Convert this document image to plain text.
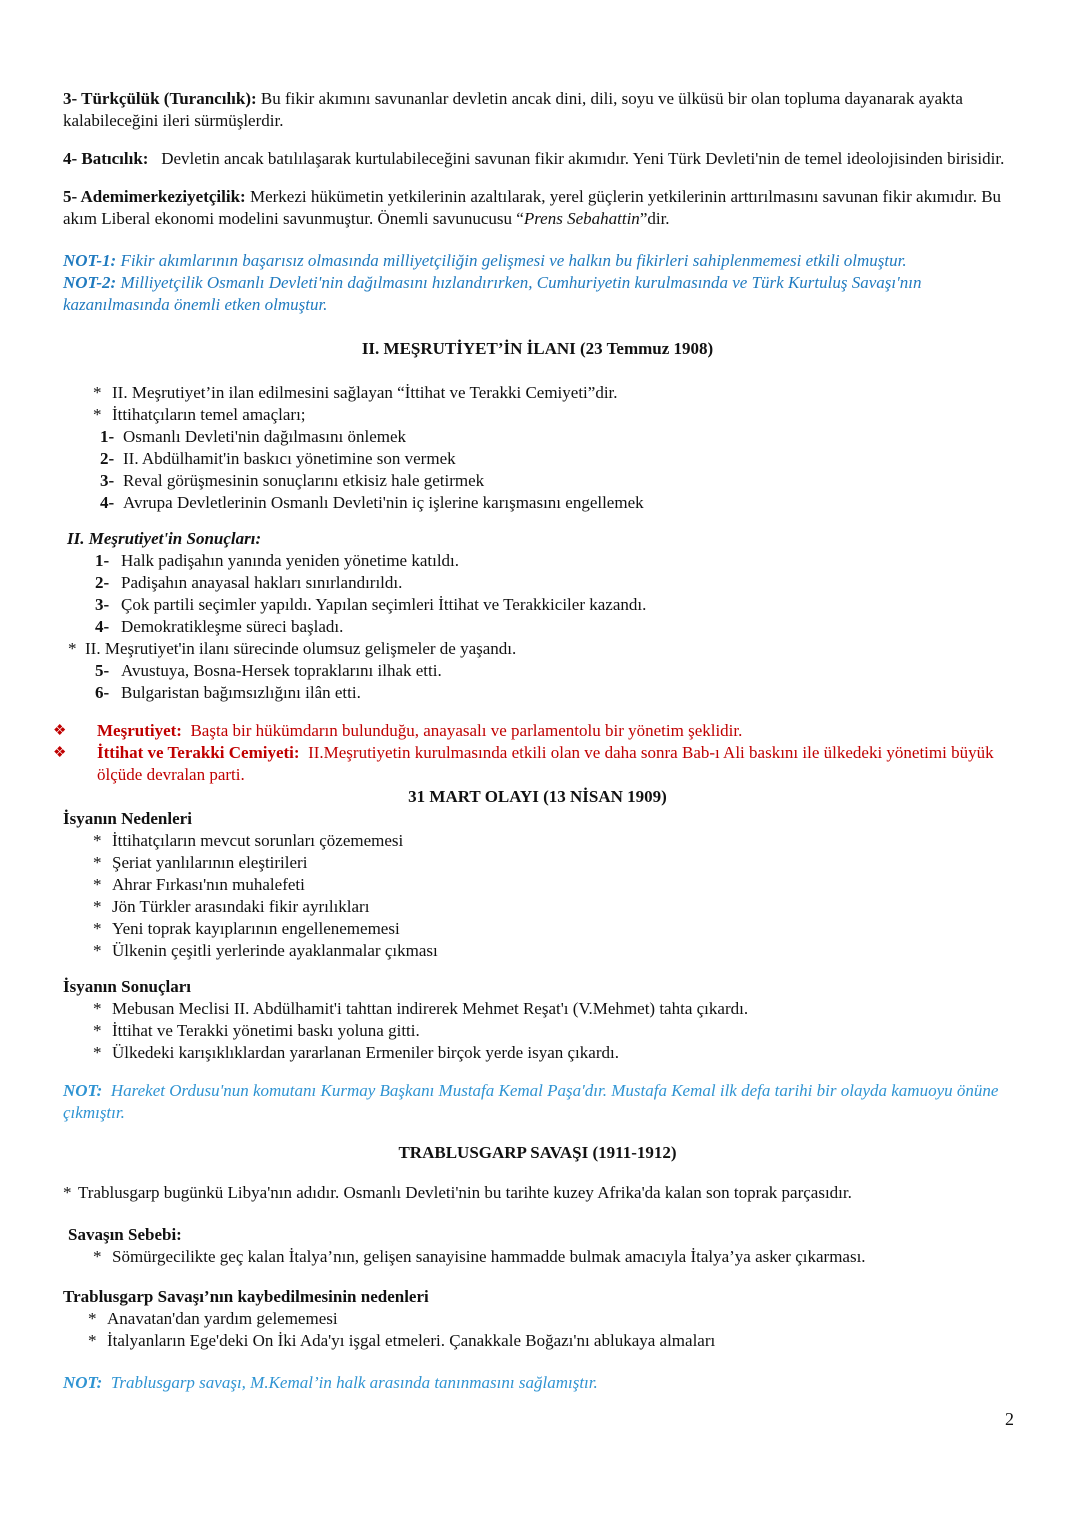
3- Türkçülük (Turancılık): Bu fikir akımını savunanlar devletin ancak dini, dili, soyu ve ülküsü bir olan topluma dayanarak ayakta kalabileceğini ileri sürmüşlerdir.

4- Batıcılık: Devletin ancak batılılaşarak kurtulabileceğini savunan fikir akımıdır. Yeni Türk Devleti'nin de temel ideolojisinden birisidir.

5- Ademimerkeziyetçilik: Merkezi hükümetin yetkilerinin azaltılarak, yerel güçlerin yetkilerinin arttırılmasını savunan fikir akımıdır. Bu akım Liberal ekonomi modelini savunmuştur. Önemli savunucusu “Prens Sebahattin”dir.

NOT-1: Fikir akımlarının başarısız olmasında milliyetçiliğin gelişmesi ve halkın bu fikirleri sahiplenmemesi etkili olmuştur.

NOT-2: Milliyetçilik Osmanlı Devleti'nin dağılmasını hızlandırırken, Cumhuriyetin kurulmasında ve Türk Kurtuluş Savaşı'nın kazanılmasında önemli etken olmuştur.

II. MEŞRUTİYET’İN İLANI (23 Temmuz 1908)
* II. Meşrutiyet’in ilan edilmesini sağlayan “İttihat ve Terakki Cemiyeti”dir.
* İttihatçıların temel amaçları;
1- Osmanlı Devleti'nin dağılmasını önlemek
2- II. Abdülhamit'in baskıcı yönetimine son vermek
3- Reval görüşmesinin sonuçlarını etkisiz hale getirmek
4- Avrupa Devletlerinin Osmanlı Devleti'nin iç işlerine karışmasını engellemek
II. Meşrutiyet'in Sonuçları:
1- Halk padişahın yanında yeniden yönetime katıldı.
2- Padişahın anayasal hakları sınırlandırıldı.
3- Çok partili seçimler yapıldı. Yapılan seçimleri İttihat ve Terakkiciler kazandı.
4- Demokratikleşme süreci başladı.
* II. Meşrutiyet'in ilanı sürecinde olumsuz gelişmeler de yaşandı.
5- Avustuya, Bosna-Hersek topraklarını ilhak etti.
6- Bulgaristan bağımsızlığını ilân etti.
❖	Meşrutiyet: Başta bir hükümdarın bulunduğu, anayasalı ve parlamentolu bir yönetim şeklidir.
❖	İttihat ve Terakki Cemiyeti: II.Meşrutiyetin kurulmasında etkili olan ve daha sonra Bab-ı Ali baskını ile ülkedeki yönetimi büyük ölçüde devralan parti.
31 MART OLAYI (13 NİSAN 1909)
İsyanın Nedenleri
* İttihatçıların mevcut sorunları çözememesi
* Şeriat yanlılarının eleştirileri
* Ahrar Fırkası'nın muhalefeti
* Jön Türkler arasındaki fikir ayrılıkları
* Yeni toprak kayıplarının engellenememesi
* Ülkenin çeşitli yerlerinde ayaklanmalar çıkması
İsyanın Sonuçları
* Mebusan Meclisi II. Abdülhamit'i tahttan indirerek Mehmet Reşat'ı (V.Mehmet) tahta çıkardı.
* İttihat ve Terakki yönetimi baskı yoluna gitti.
* Ülkedeki karışıklıklardan yararlanan Ermeniler birçok yerde isyan çıkardı.

NOT: Hareket Ordusu'nun komutanı Kurmay Başkanı Mustafa Kemal Paşa'dır. Mustafa Kemal ilk defa tarihi bir olayda kamuoyu önüne çıkmıştır.

TRABLUSGARP SAVAŞI (1911-1912)
* Trablusgarp bugünkü Libya'nın adıdır. Osmanlı Devleti'nin bu tarihte kuzey Afrika'da kalan son toprak parçasıdır.
Savaşın Sebebi:
* Sömürgecilikte geç kalan İtalya’nın, gelişen sanayisine hammadde bulmak amacıyla İtalya’ya asker çıkarması.
Trablusgarp Savaşı’nın kaybedilmesinin nedenleri
* Anavatan'dan yardım gelememesi
* İtalyanların Ege'deki On İki Ada'yı işgal etmeleri. Çanakkale Boğazı'nı ablukaya almaları

NOT: Trablusgarp savaşı, M.Kemal’in halk arasında tanınmasını sağlamıştır.

2
